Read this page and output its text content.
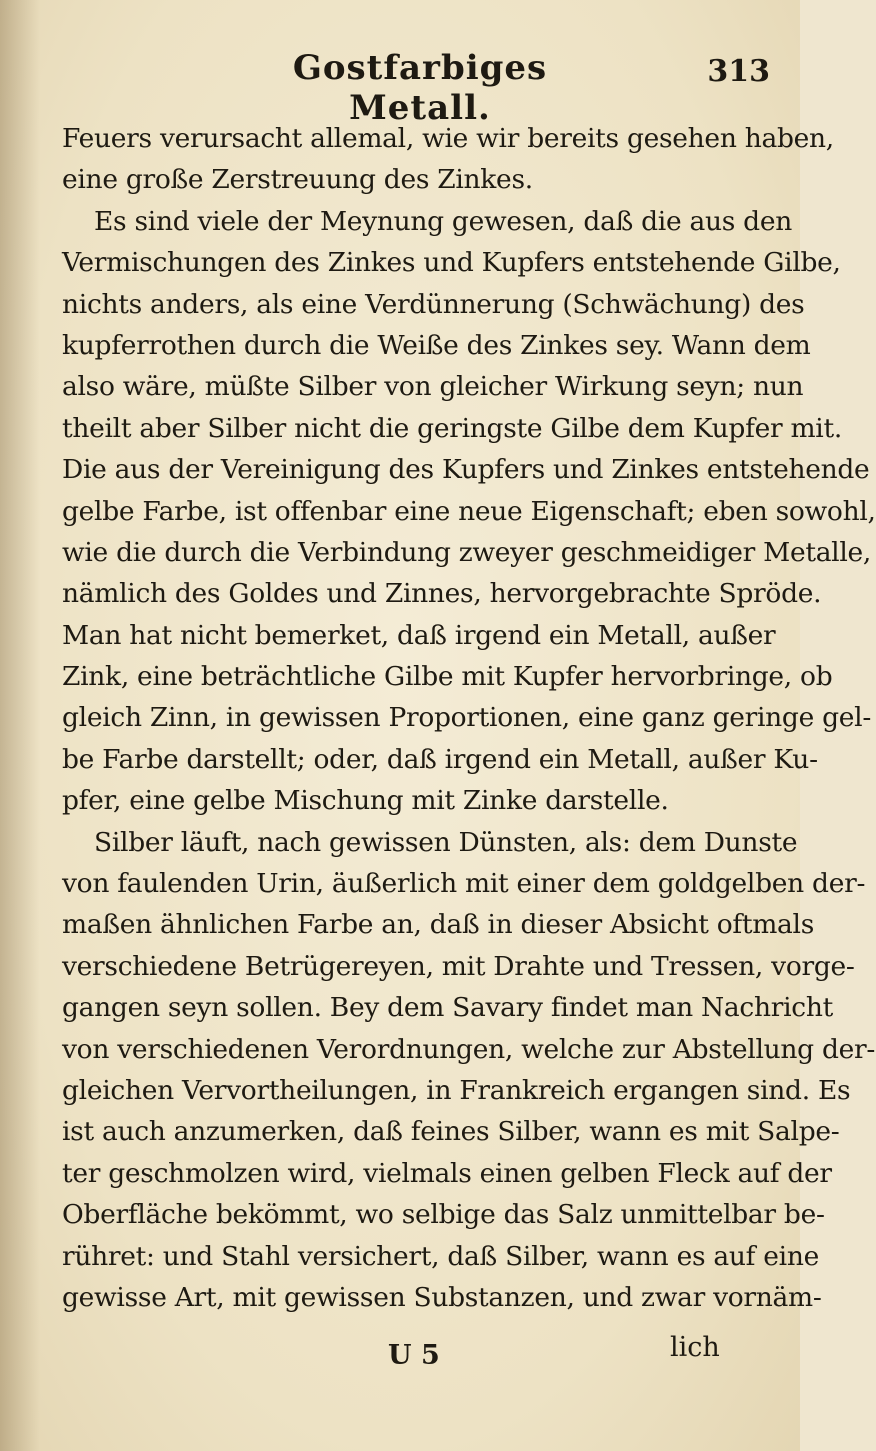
Gostfarbiges Metall.
313
Feuers verursacht allemal, wie wir bereits gesehen haben,
eine große Zerstreuung des Zinkes.
Es sind viele der Meynung gewesen, daß die aus den
Vermischungen des Zinkes und Kupfers entstehende Gilbe,
nichts anders, als eine Verdünnerung (Schwächung) des
kupferrothen durch die Weiße des Zinkes sey. Wann dem
also wäre, müßte Silber von gleicher Wirkung seyn; nun
theilt aber Silber nicht die geringste Gilbe dem Kupfer mit.
Die aus der Vereinigung des Kupfers und Zinkes entstehende
gelbe Farbe, ist offenbar eine neue Eigenschaft; eben sowohl,
wie die durch die Verbindung zweyer geschmeidiger Metalle,
nämlich des Goldes und Zinnes, hervorgebrachte Sprödе.
Man hat nicht bemerket, daß irgend ein Metall, außer
Zink, eine beträchtliche Gilbe mit Kupfer hervorbringe, ob
gleich Zinn, in gewissen Proportionen, eine ganz geringe gel-
be Farbe darstellt; oder, daß irgend ein Metall, außer Ku-
pfer, eine gelbe Mischung mit Zinke darstelle.
Silber läuft, nach gewissen Dünsten, als: dem Dunste
von faulenden Urin, äußerlich mit einer dem goldgelben der-
maßen ähnlichen Farbe an, daß in dieser Absicht oftmals
verschiedene Betrügereyen, mit Drahte und Tressen, vorge-
gangen seyn sollen. Bey dem Savary findet man Nachricht
von verschiedenen Verordnungen, welche zur Abstellung der-
gleichen Vervortheilungen, in Frankreich ergangen sind. Es
ist auch anzumerken, daß feines Silber, wann es mit Salpe-
ter geschmolzen wird, vielmals einen gelben Fleck auf der
Oberfläche bekömmt, wo selbige das Salz unmittelbar be-
rühret: und Stahl versichert, daß Silber, wann es auf eine
gewisse Art, mit gewissen Substanzen, und zwar vornäm-
U 5	lich
